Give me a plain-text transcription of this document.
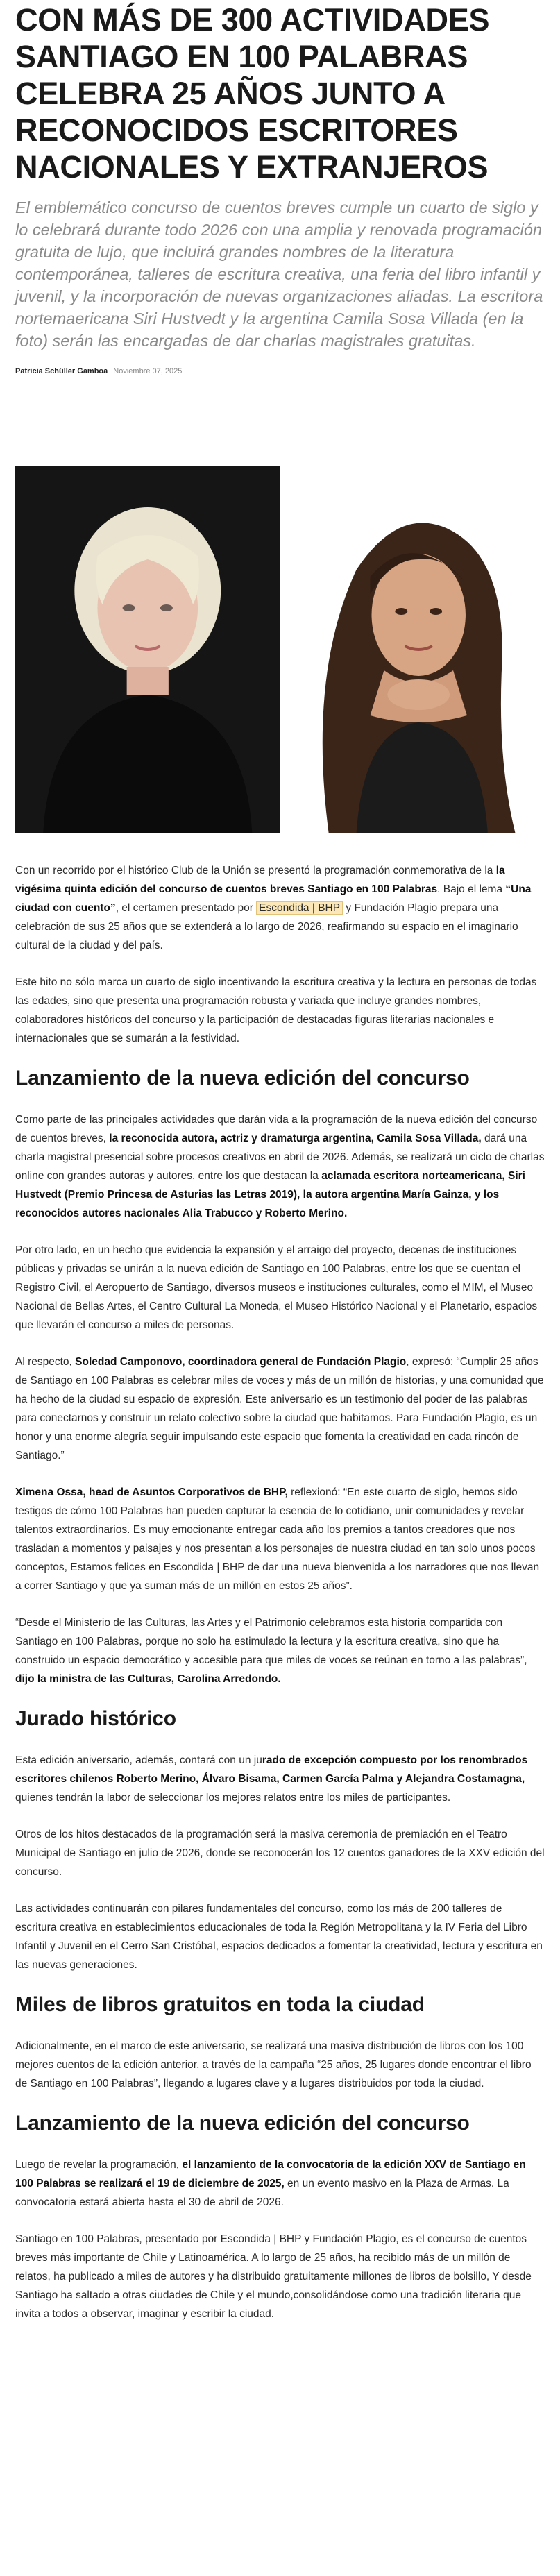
CON MÁS DE 300 ACTIVIDADES SANTIAGO EN 100 PALABRAS CELEBRA 25 AÑOS JUNTO A RECONOCIDOS ESCRITORES NACIONALES Y EXTRANJEROS

El emblemático concurso de cuentos breves cumple un cuarto de siglo y lo celebrará durante todo 2026 con una amplia y renovada programación gratuita de lujo, que incluirá grandes nombres de la literatura contemporánea, talleres de escritura creativa, una feria del libro infantil y juvenil, y la incorporación de nuevas organizaciones aliadas. La escritora nortemaericana Siri Hustvedt y la argentina Camila Sosa Villada (en la foto) serán las encargadas de dar charlas magistrales gratuitas.

Patricia Schüller Gamboa Noviembre 07, 2025

Con un recorrido por el histórico Club de la Unión se presentó la programación conmemorativa de la la vigésima quinta edición del concurso de cuentos breves Santiago en 100 Palabras. Bajo el lema “Una ciudad con cuento”, el certamen presentado por Escondida | BHP y Fundación Plagio prepara una celebración de sus 25 años que se extenderá a lo largo de 2026, reafirmando su espacio en el imaginario cultural de la ciudad y del país.

Este hito no sólo marca un cuarto de siglo incentivando la escritura creativa y la lectura en personas de todas las edades, sino que presenta una programación robusta y variada que incluye grandes nombres, colaboradores históricos del concurso y la participación de destacadas figuras literarias nacionales e internacionales que se sumarán a la festividad.

Lanzamiento de la nueva edición del concurso

Como parte de las principales actividades que darán vida a la programación de la nueva edición del concurso de cuentos breves, la reconocida autora, actriz y dramaturga argentina, Camila Sosa Villada, dará una charla magistral presencial sobre procesos creativos en abril de 2026. Además, se realizará un ciclo de charlas online con grandes autoras y autores, entre los que destacan la aclamada escritora norteamericana, Siri Hustvedt (Premio Princesa de Asturias las Letras 2019), la autora argentina María Gainza, y los reconocidos autores nacionales Alia Trabucco y Roberto Merino.

Por otro lado, en un hecho que evidencia la expansión y el arraigo del proyecto, decenas de instituciones públicas y privadas se unirán a la nueva edición de Santiago en 100 Palabras, entre los que se cuentan el Registro Civil, el Aeropuerto de Santiago, diversos museos e instituciones culturales, como el MIM, el Museo Nacional de Bellas Artes, el Centro Cultural La Moneda, el Museo Histórico Nacional y el Planetario, espacios que llevarán el concurso a miles de personas.

Al respecto, Soledad Camponovo, coordinadora general de Fundación Plagio, expresó: “Cumplir 25 años de Santiago en 100 Palabras es celebrar miles de voces y más de un millón de historias, y una comunidad que ha hecho de la ciudad su espacio de expresión. Este aniversario es un testimonio del poder de las palabras para conectarnos y construir un relato colectivo sobre la ciudad que habitamos. Para Fundación Plagio, es un honor y una enorme alegría seguir impulsando este espacio que fomenta la creatividad en cada rincón de Santiago.”

Ximena Ossa, head de Asuntos Corporativos de BHP, reflexionó: “En este cuarto de siglo, hemos sido testigos de cómo 100 Palabras han pueden capturar la esencia de lo cotidiano, unir comunidades y revelar talentos extraordinarios. Es muy emocionante entregar cada año los premios a tantos creadores que nos trasladan a momentos y paisajes y nos presentan a los personajes de nuestra ciudad en tan solo unos pocos conceptos, Estamos felices en Escondida | BHP de dar una nueva bienvenida a los narradores que nos llevan a correr Santiago y que ya suman más de un millón en estos 25 años”.

“Desde el Ministerio de las Culturas, las Artes y el Patrimonio celebramos esta historia compartida con Santiago en 100 Palabras, porque no solo ha estimulado la lectura y la escritura creativa, sino que ha construido un espacio democrático y accesible para que miles de voces se reúnan en torno a las palabras”, dijo la ministra de las Culturas, Carolina Arredondo.

Jurado histórico

Esta edición aniversario, además, contará con un jurado de excepción compuesto por los renombrados escritores chilenos Roberto Merino, Álvaro Bisama, Carmen García Palma y Alejandra Costamagna, quienes tendrán la labor de seleccionar los mejores relatos entre los miles de participantes.

Otros de los hitos destacados de la programación será la masiva ceremonia de premiación en el Teatro Municipal de Santiago en julio de 2026, donde se reconocerán los 12 cuentos ganadores de la XXV edición del concurso.

Las actividades continuarán con pilares fundamentales del concurso, como los más de 200 talleres de escritura creativa en establecimientos educacionales de toda la Región Metropolitana y la IV Feria del Libro Infantil y Juvenil en el Cerro San Cristóbal, espacios dedicados a fomentar la creatividad, lectura y escritura en las nuevas generaciones.

Miles de libros gratuitos en toda la ciudad

Adicionalmente, en el marco de este aniversario, se realizará una masiva distribución de libros con los 100 mejores cuentos de la edición anterior, a través de la campaña “25 años, 25 lugares donde encontrar el libro de Santiago en 100 Palabras”, llegando a lugares clave y a lugares distribuidos por toda la ciudad.

Lanzamiento de la nueva edición del concurso

Luego de revelar la programación, el lanzamiento de la convocatoria de la edición XXV de Santiago en 100 Palabras se realizará el 19 de diciembre de 2025, en un evento masivo en la Plaza de Armas. La convocatoria estará abierta hasta el 30 de abril de 2026.

Santiago en 100 Palabras, presentado por Escondida | BHP y Fundación Plagio, es el concurso de cuentos breves más importante de Chile y Latinoamérica. A lo largo de 25 años, ha recibido más de un millón de relatos, ha publicado a miles de autores y ha distribuido gratuitamente millones de libros de bolsillo, Y desde Santiago ha saltado a otras ciudades de Chile y el mundo,consolidándose como una tradición literaria que invita a todos a observar, imaginar y escribir la ciudad.
